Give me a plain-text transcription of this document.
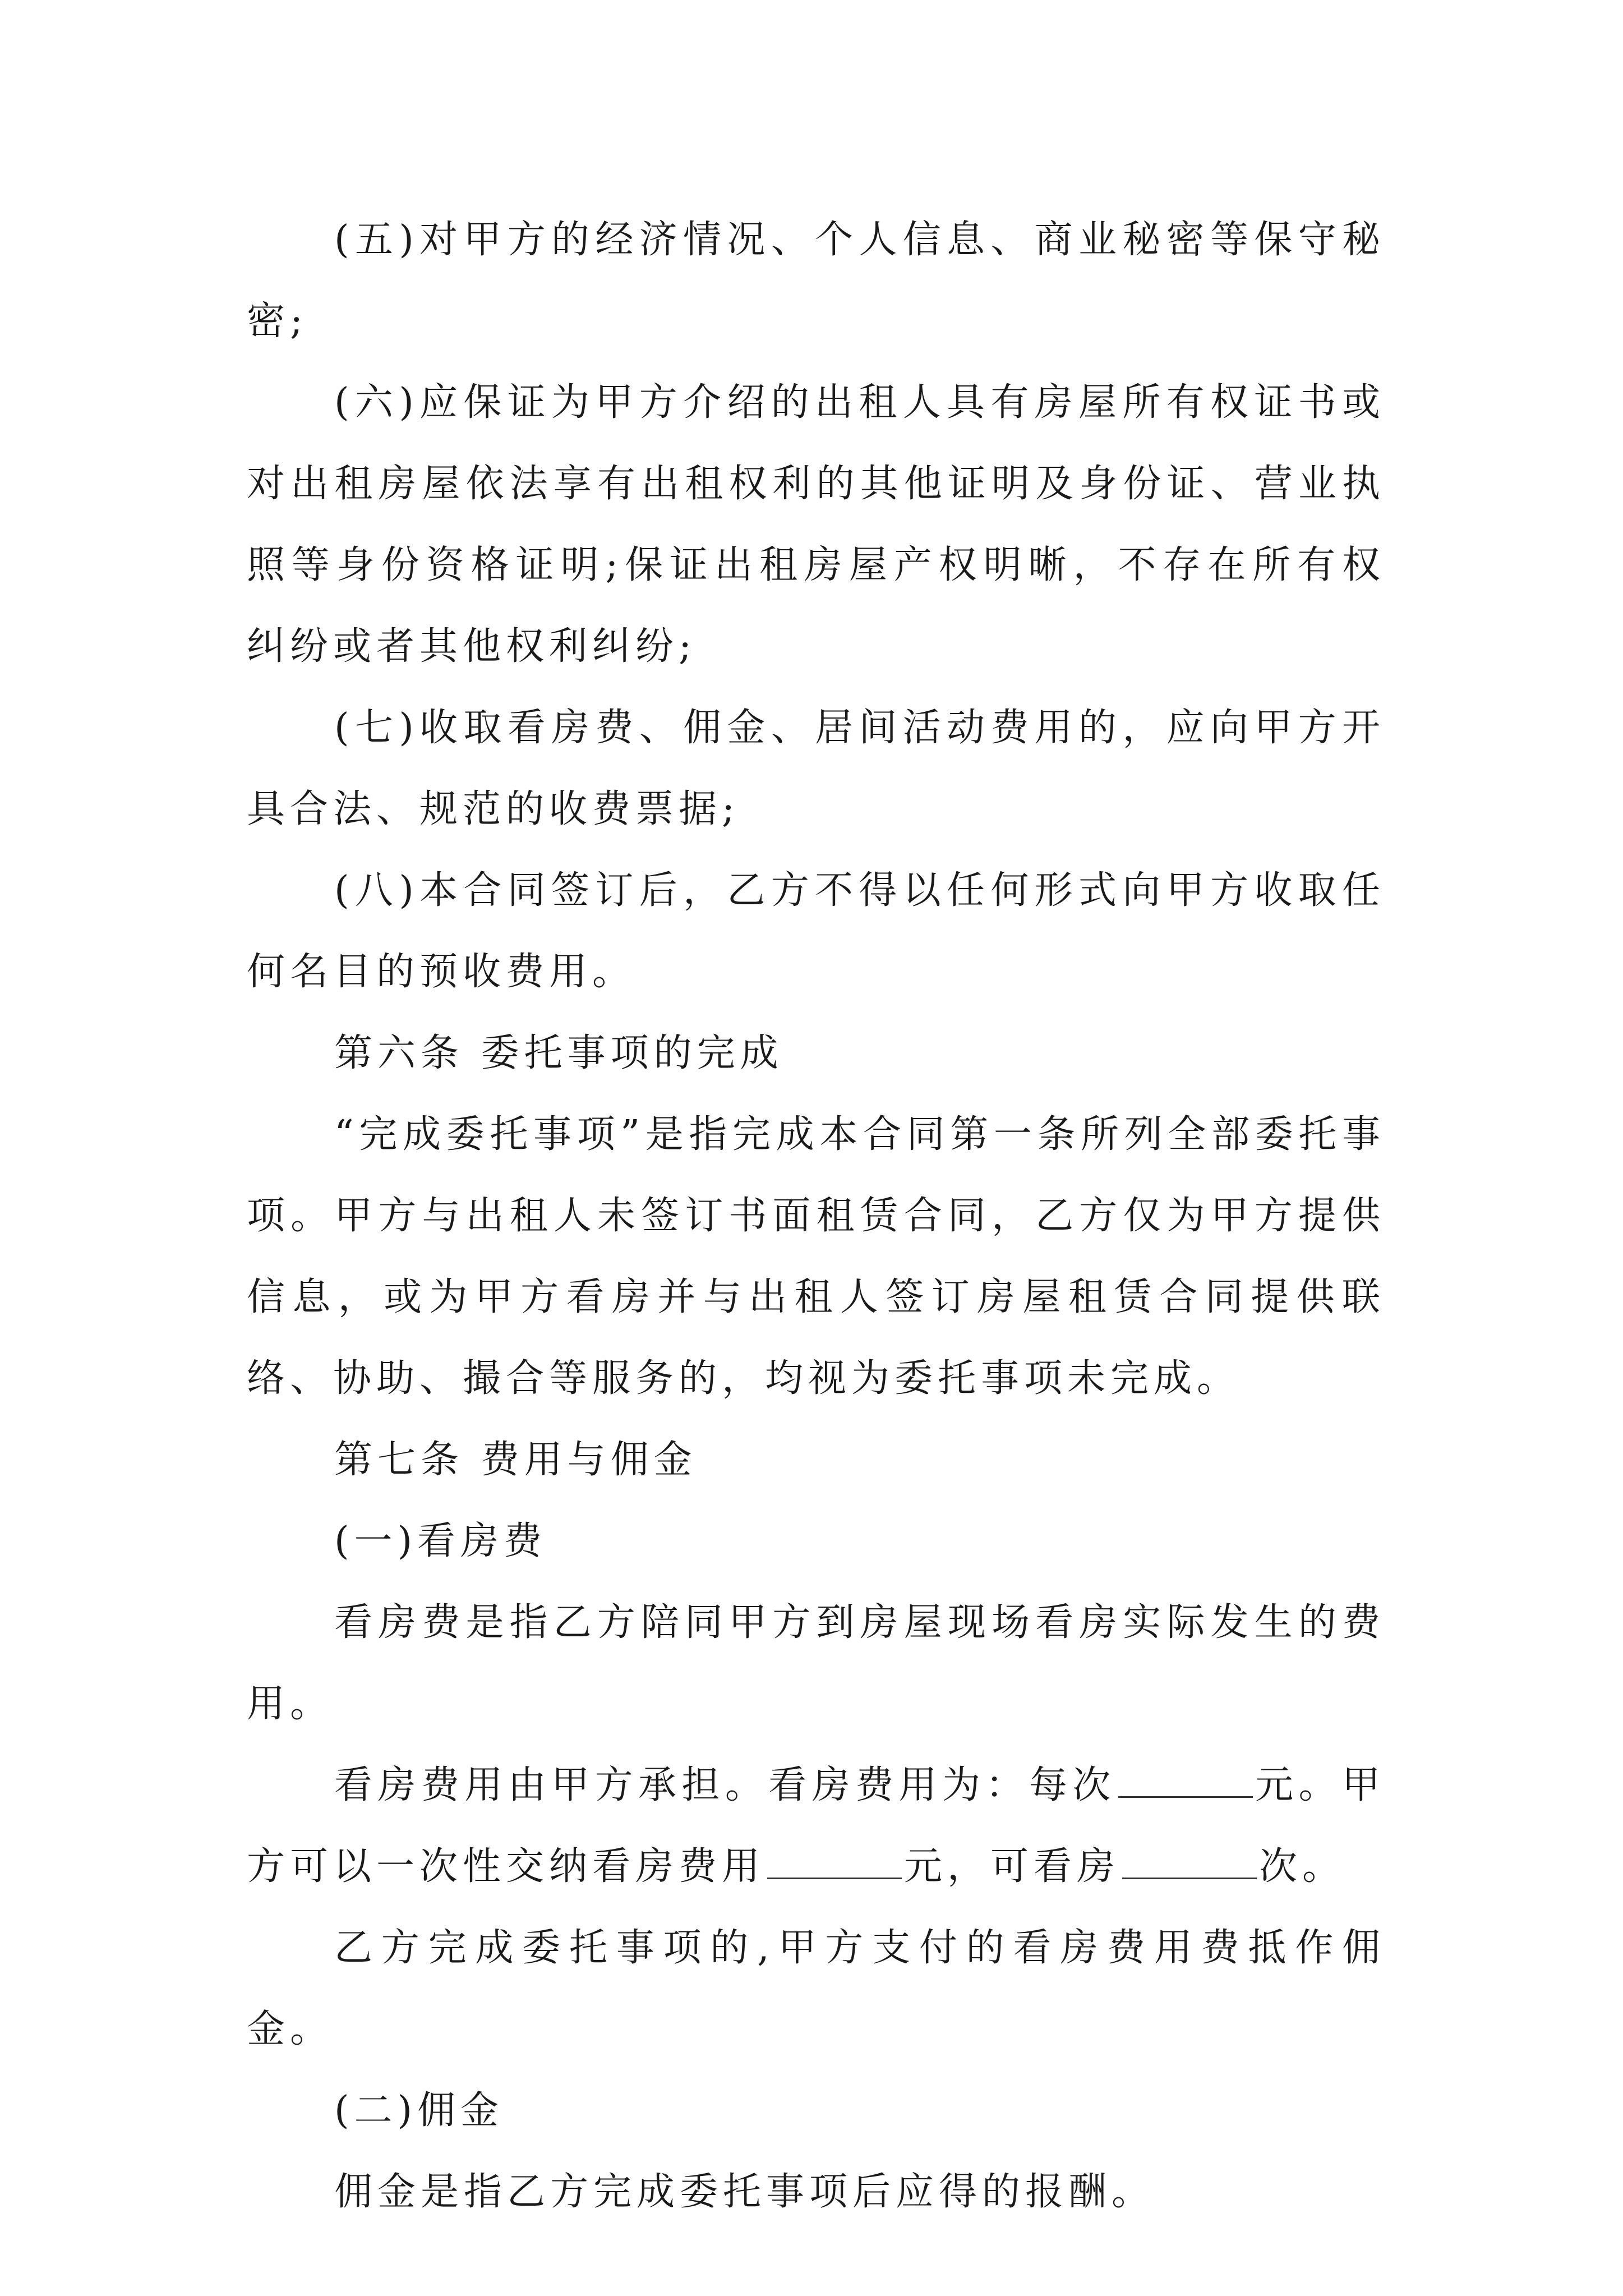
(五)对甲方的经济情况、个人信息、商业秘密等保守秘密;

(六)应保证为甲方介绍的出租人具有房屋所有权证书或对出租房屋依法享有出租权利的其他证明及身份证、营业执照等身份资格证明;保证出租房屋产权明晰，不存在所有权纠纷或者其他权利纠纷;

(七)收取看房费、佣金、居间活动费用的，应向甲方开具合法、规范的收费票据;

(八)本合同签订后，乙方不得以任何形式向甲方收取任何名目的预收费用。

第六条 委托事项的完成

“完成委托事项”是指完成本合同第一条所列全部委托事项。甲方与出租人未签订书面租赁合同，乙方仅为甲方提供信息，或为甲方看房并与出租人签订房屋租赁合同提供联络、协助、撮合等服务的，均视为委托事项未完成。

第七条 费用与佣金

(一)看房费

看房费是指乙方陪同甲方到房屋现场看房实际发生的费用。

看房费用由甲方承担。看房费用为：每次	元。甲方可以一次性交纳看房费用	元，可看房	次。

乙方完成委托事项的,甲方支付的看房费用费抵作佣金。

(二)佣金

佣金是指乙方完成委托事项后应得的报酬。
